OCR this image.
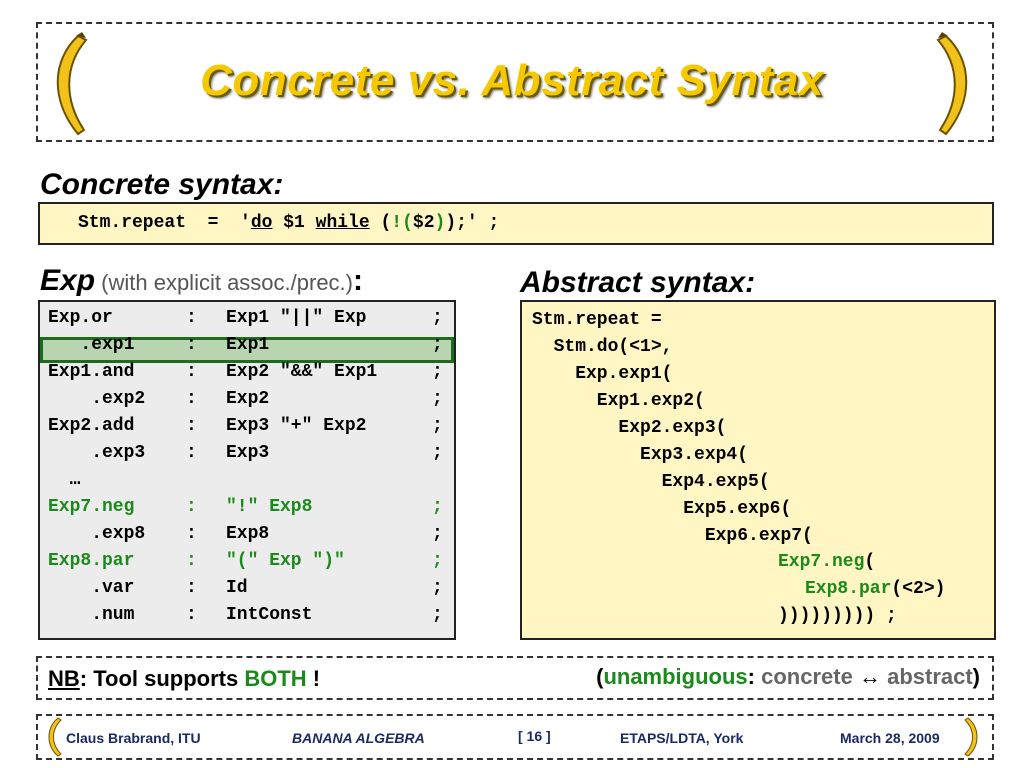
Concrete vs. Abstract Syntax
Concrete syntax:
Stm.repeat  =  'do $1 while (!($2));' ;
Exp (with explicit assoc./prec.):
Exp.or	: Exp1 "||" Exp	;
.exp1	: Exp1	;
Exp1.and	: Exp2 "&&" Exp1	;
.exp2 : Exp2	;
Exp2.add	: Exp3 "+" Exp2	;
.exp3 : Exp3	;
…
Exp7.neg	: "!" Exp8	;
.exp8 : Exp8	;
Exp8.par	: "(" Exp ")"	;
.var	: Id	;
.num	: IntConst	;
Abstract syntax:
Stm.repeat =
Stm.do(<1>,
Exp.exp1(
Exp1.exp2(
Exp2.exp3(
Exp3.exp4(
Exp4.exp5(
Exp5.exp6(
Exp6.exp7(
Exp7.neg(
Exp8.par(<2>)
))))))))) ;
NB: Tool supports BOTH !	(unambiguous: concrete ↔ abstract)
Claus Brabrand, ITU	BANANA ALGEBRA	[ 16 ]	ETAPS/LDTA, York	March 28, 2009
